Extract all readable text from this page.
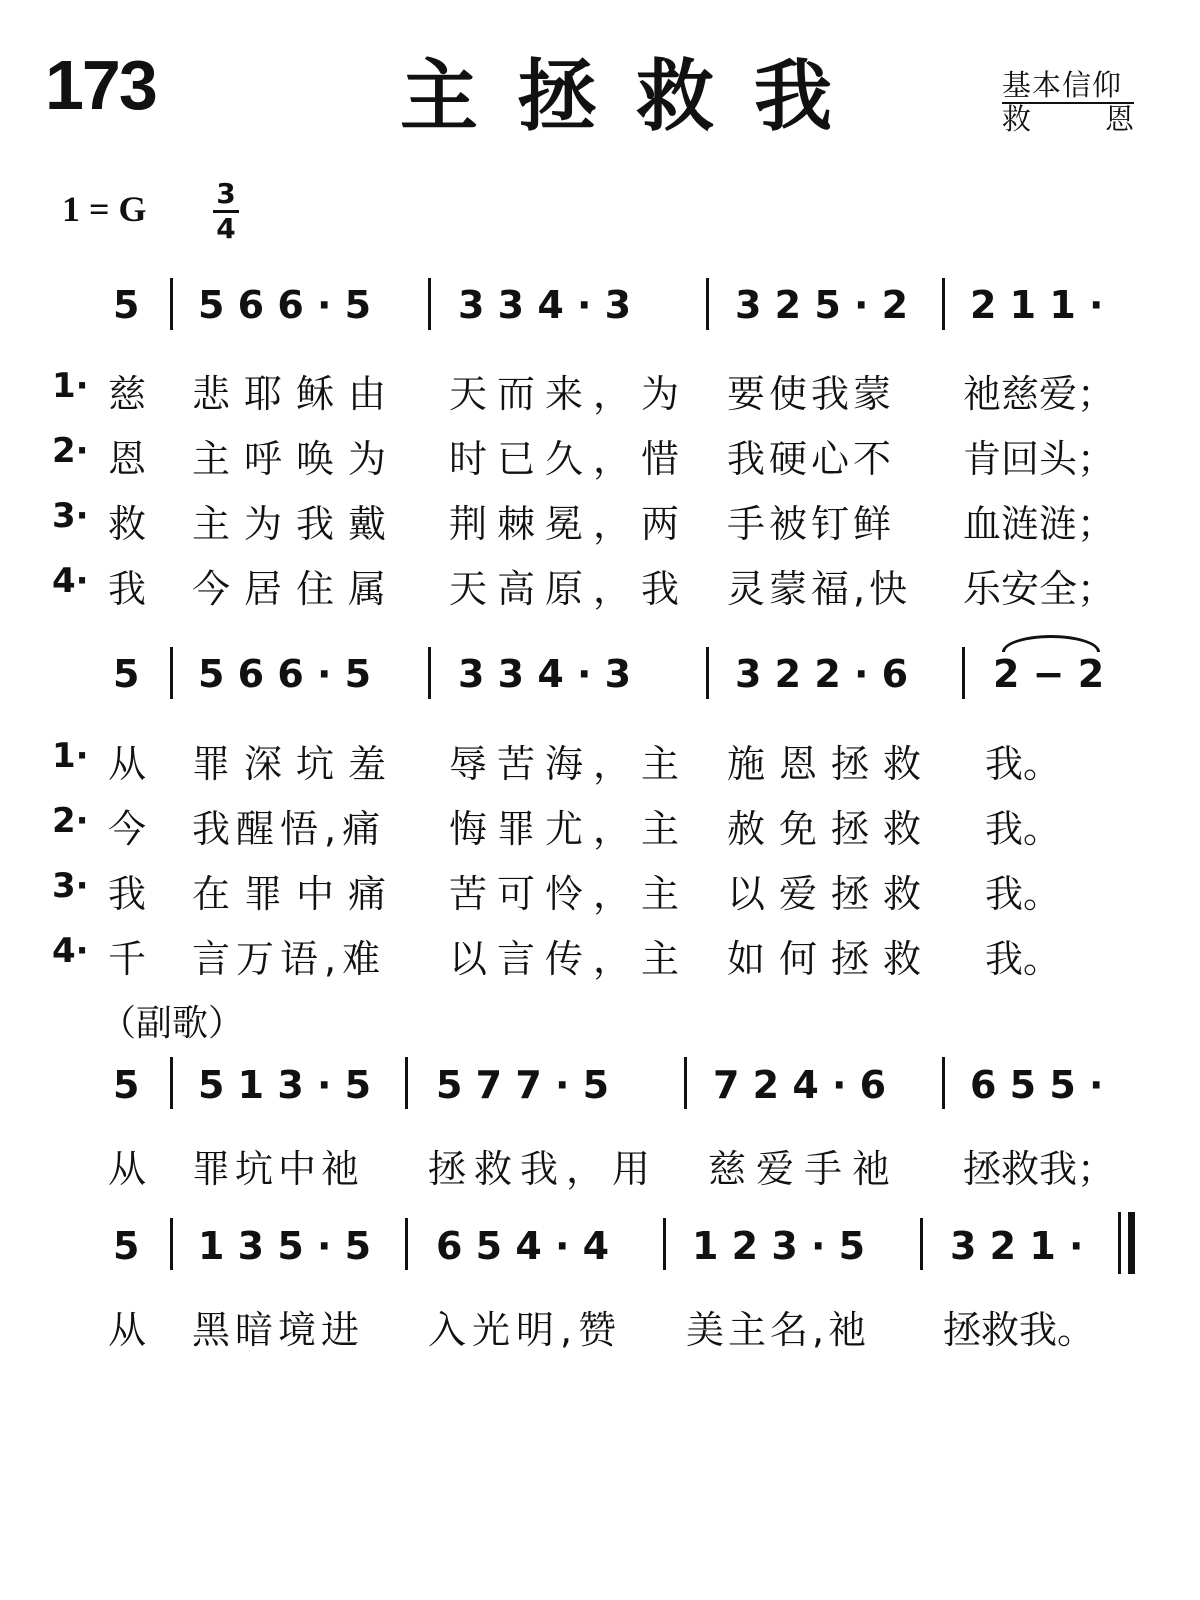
173	主拯救我	基本信仰
救	恩
1 = G $\frac{3}{4}$
5 5 6 6 · 5 3 3 4 · 3	3 2 5 · 2 2 1 1 ·
1· 慈 悲耶稣由 天而来，为 要使我蒙 祂慈爱；
2· 恩 主呼唤为 时已久，惜 我硬心不 肯回头；
3· 救 主为我戴 荆棘冕，两 手被钉鲜 血涟涟；
4· 我 今居住属 天高原，我 灵蒙福,快 乐安全；
5 5 6 6 · 5 3 3 4 · 3	3 2 2 · 6 2 − 2
1· 从 罪深坑羞 辱苦海，主 施恩拯救 我。
2· 今 我醒悟,痛 悔罪尤，主 赦免拯救 我。
3· 我 在罪中痛 苦可怜，主 以爱拯救 我。
4· 千 言万语,难 以言传，主 如何拯救 我。
（副歌）
5 5 1 3 · 5 5 7 7 · 5	7 2 4 · 6 6 5 5 ·
从 罪坑中祂 拯救我，用 慈爱手祂 拯救我；
5 1 3 5 · 5 6 5 4 · 4 1 2 3 · 5 3 2 1 ·
从 黑暗境进 入光明,赞 美主名,祂 拯救我。
